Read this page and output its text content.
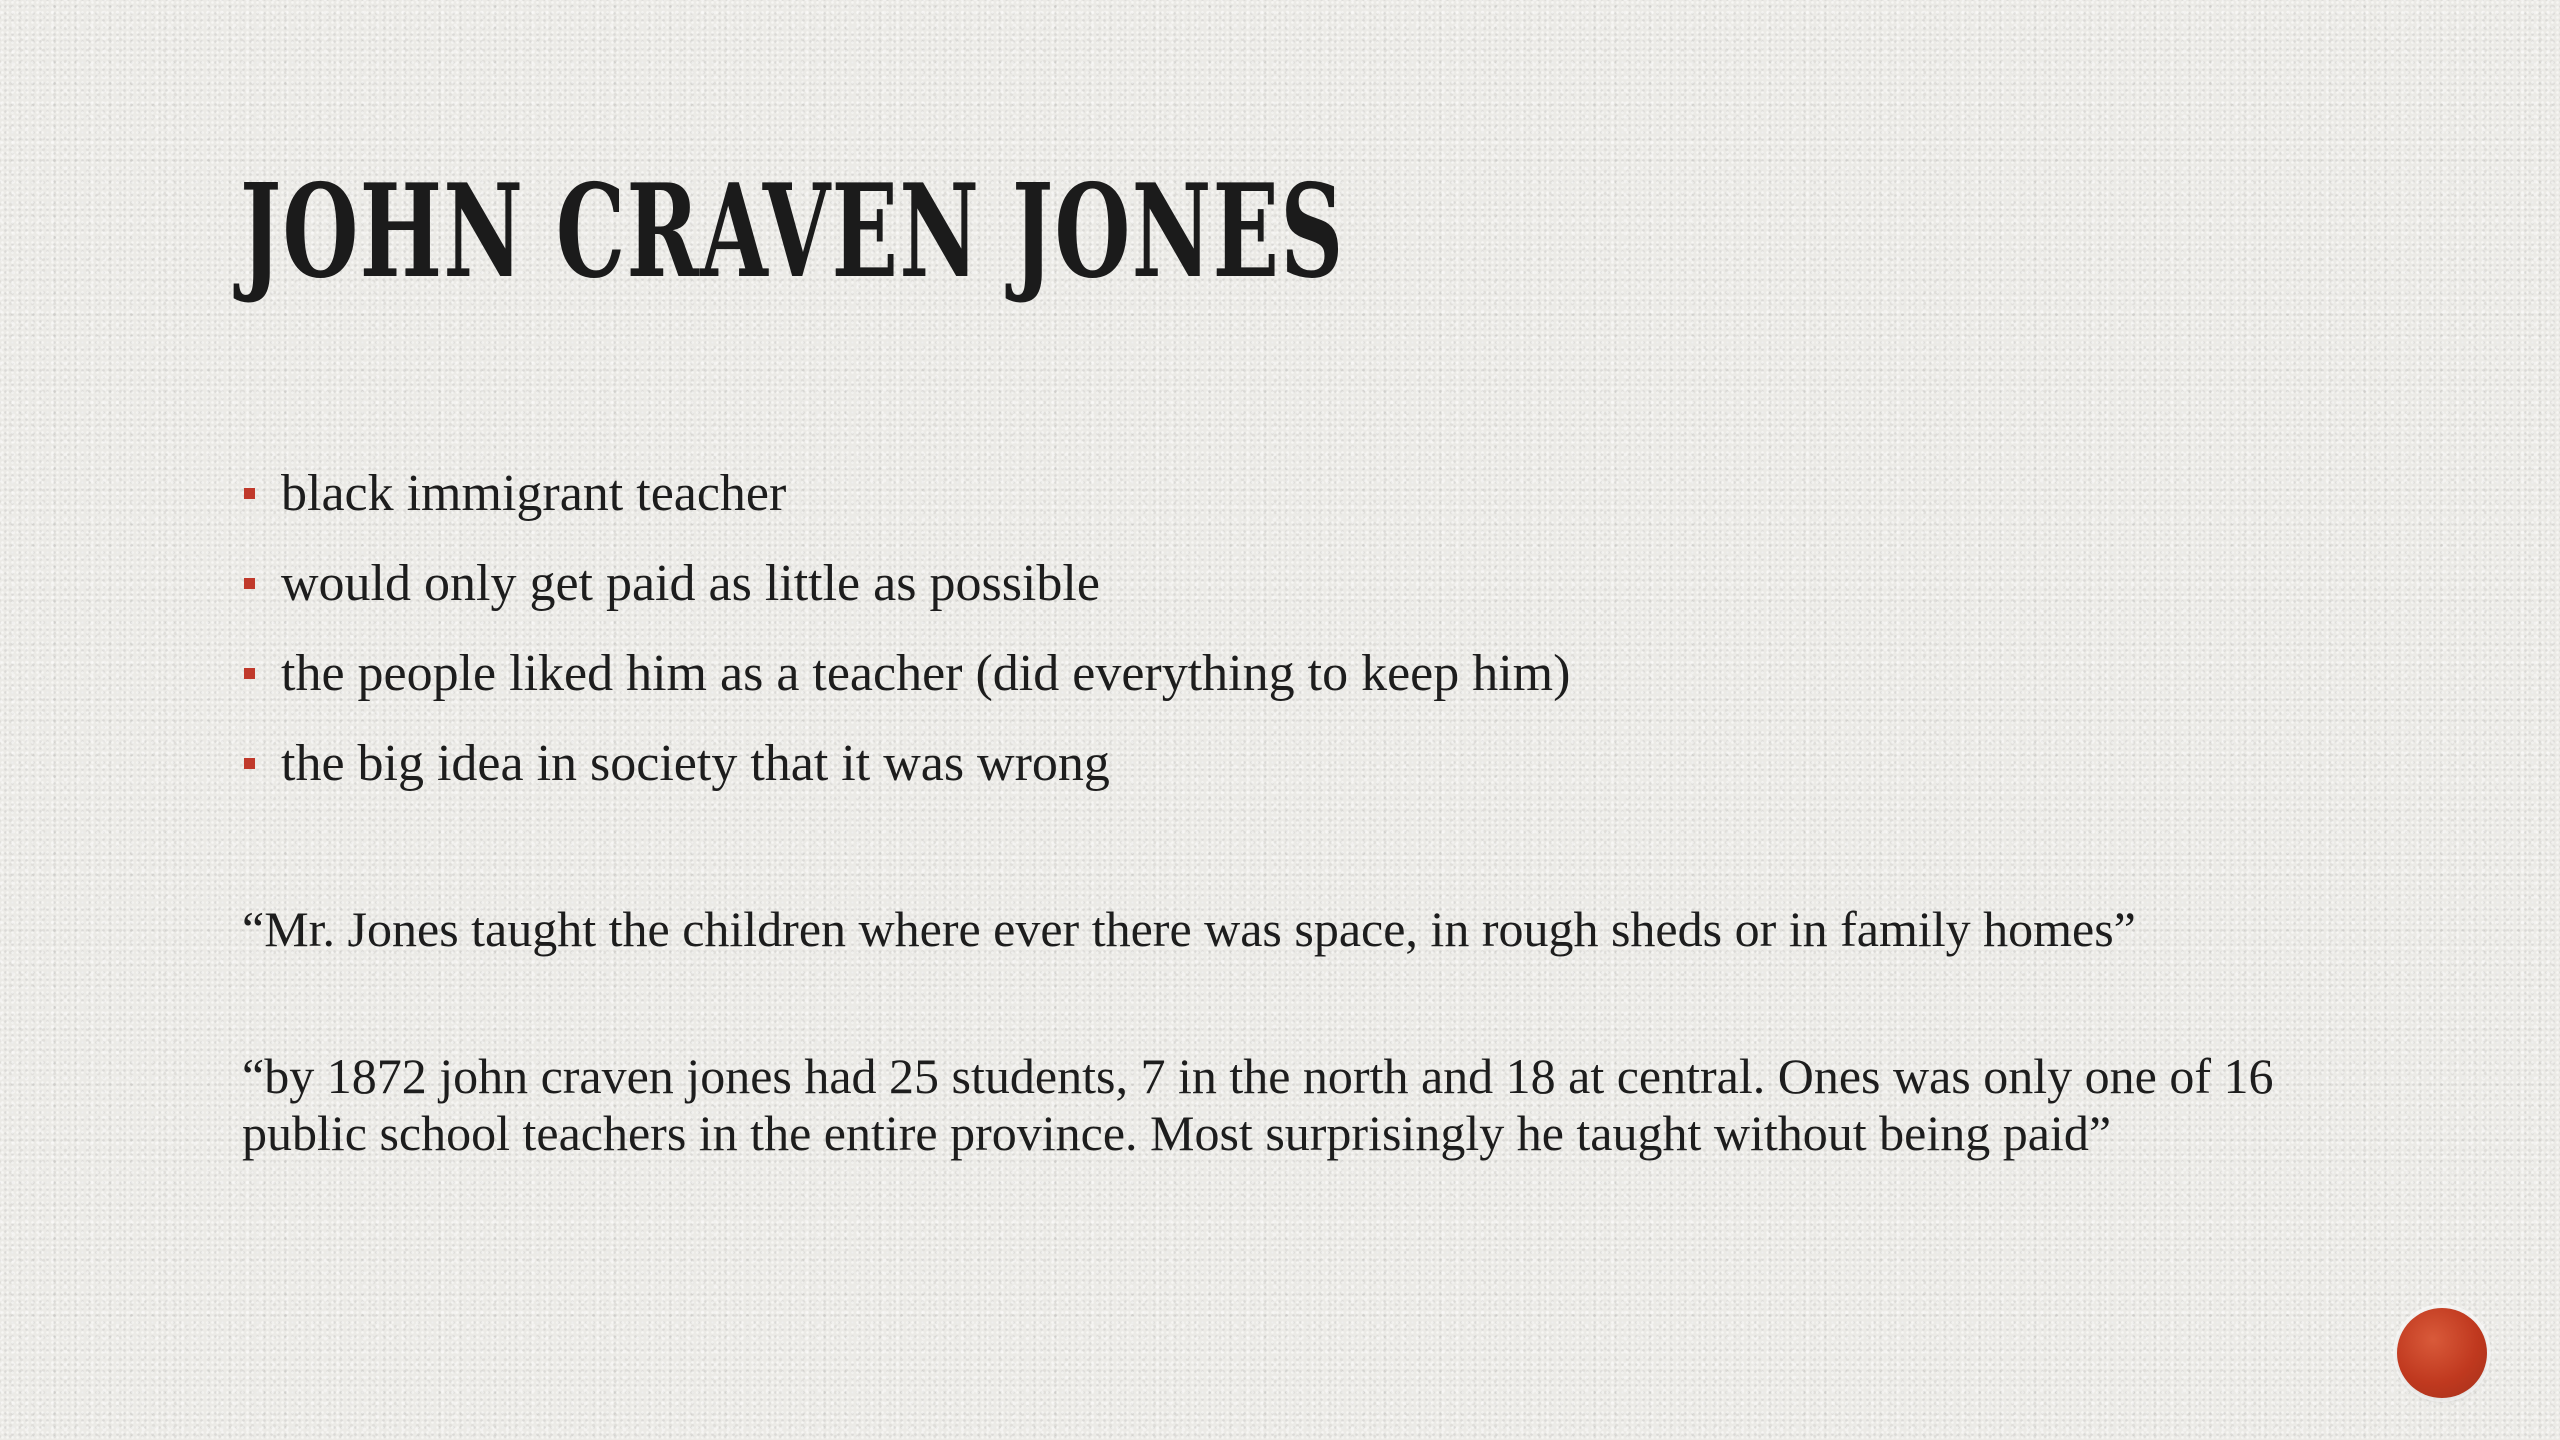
JOHN CRAVEN JONES
black immigrant teacher
would only get paid as little as possible
the people liked him as a teacher (did everything to keep him)
the big idea in society that it was wrong

“Mr. Jones taught the children where ever there was space, in rough sheds or in family homes”

“by 1872 john craven jones had 25 students, 7 in the north and 18 at central. Ones was only one of 16 public school teachers in the entire province. Most surprisingly he taught without being paid”
